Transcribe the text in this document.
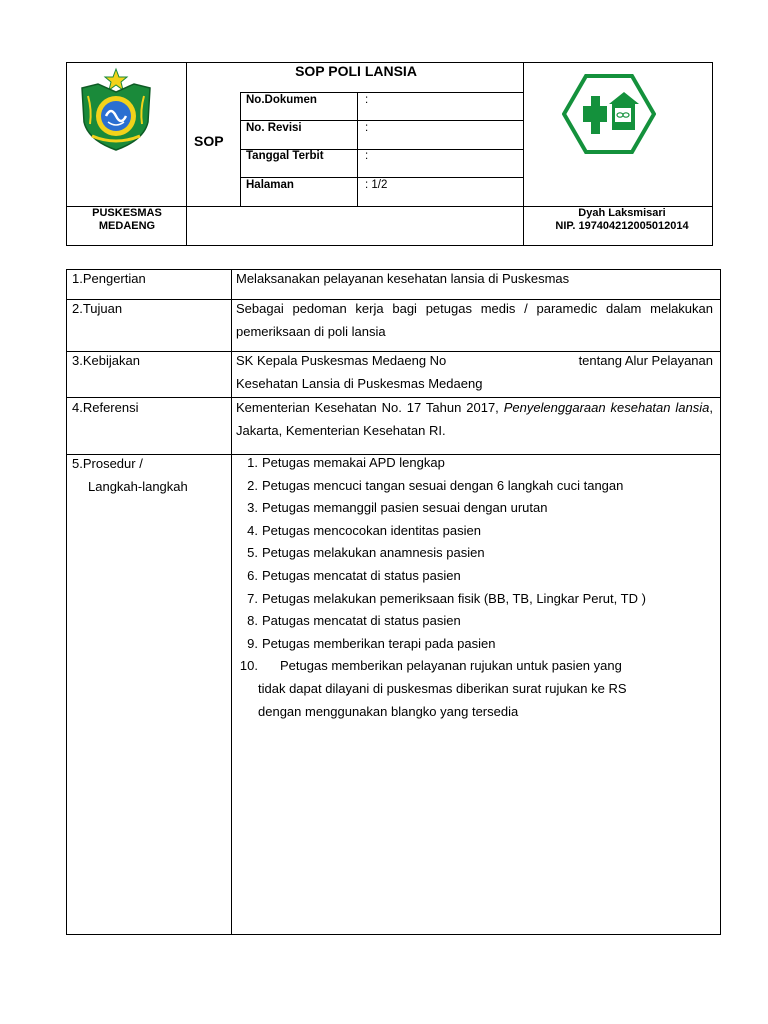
SOP POLI LANSIA
SOP
No.Dokumen	:
No. Revisi	:
Tanggal Terbit	:
Halaman	: 1/2
PUSKESMAS
MEDAENG
Dyah Laksmisari
NIP. 197404212005012014
1.Pengertian	Melaksanakan pelayanan kesehatan lansia di Puskesmas
2.Tujuan	Sebagai pedoman kerja bagi petugas medis / paramedic dalam melakukan pemeriksaan di poli lansia
3.Kebijakan	SK Kepala Puskesmas Medaeng No	tentang Alur Pelayanan
Kesehatan Lansia di Puskesmas Medaeng
4.Referensi	Kementerian Kesehatan No. 17 Tahun 2017, Penyelenggaraan kesehatan lansia, Jakarta, Kementerian Kesehatan RI.
5.Prosedur /
Langkah-langkah
1. Petugas memakai APD lengkap
2. Petugas mencuci tangan sesuai dengan 6 langkah cuci tangan
3. Petugas memanggil pasien sesuai dengan urutan
4. Petugas mencocokan identitas pasien
5. Petugas melakukan anamnesis pasien
6. Petugas mencatat di status pasien
7. Petugas melakukan pemeriksaan fisik (BB, TB, Lingkar Perut, TD )
8. Patugas mencatat di status pasien
9. Petugas memberikan terapi pada pasien
10. Petugas memberikan pelayanan rujukan untuk pasien yang
tidak dapat dilayani di puskesmas diberikan surat rujukan ke RS
dengan menggunakan blangko yang tersedia
